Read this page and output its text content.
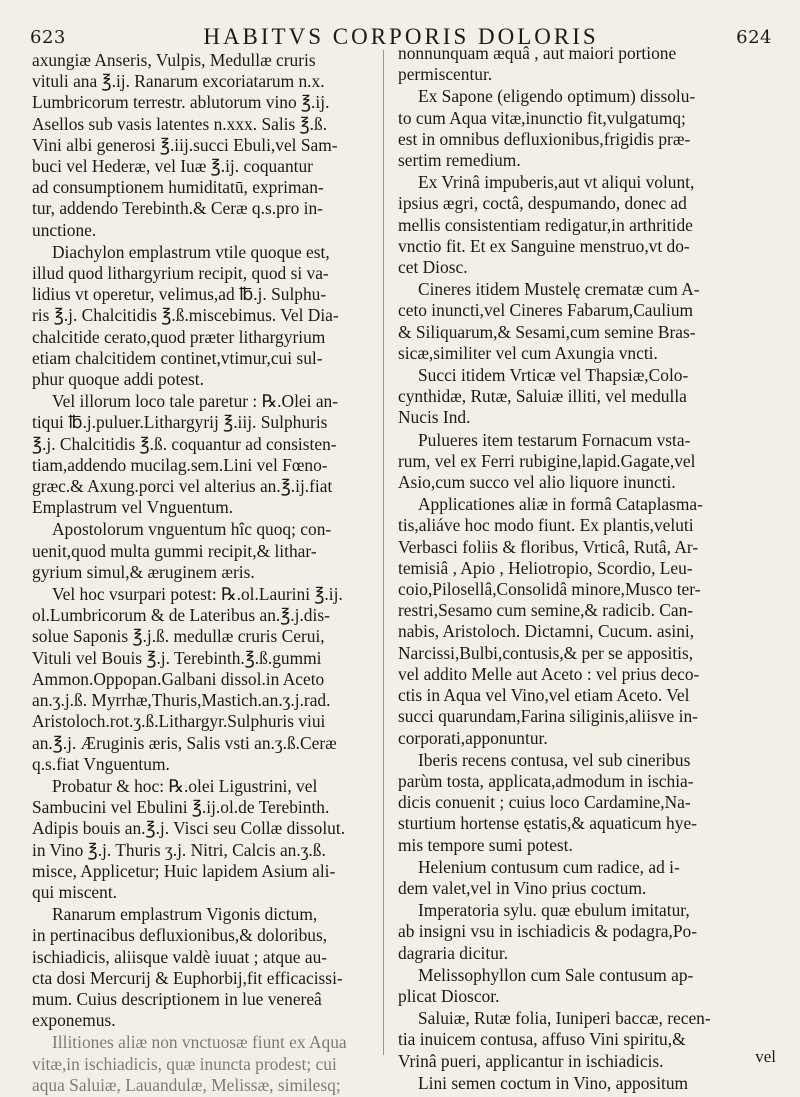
623	HABITVS CORPORIS DOLORIS	624
axungiæ Anseris, Vulpis, Medullæ cruris
vituli ana ℥.ij. Ranarum excoriatarum n.x.
Lumbricorum terrestr. ablutorum vino ℥.ij.
Asellos sub vasis latentes n.xxx. Salis ℥.ß.
Vini albi generosi ℥.iij.succi Ebuli,vel Sam-
buci vel Hederæ, vel Iuæ ℥.ij. coquantur
ad consumptionem humiditatū, expriman-
tur, addendo Terebinth.& Ceræ q.s.pro in-
unctione.
Diachylon emplastrum vtile quoque est,
illud quod lithargyrium recipit, quod si va-
lidius vt operetur, velimus,ad ℔.j. Sulphu-
ris ℥.j. Chalcitidis ℥.ß.miscebimus. Vel Dia-
chalcitide cerato,quod præter lithargyrium
etiam chalcitidem continet,vtimur,cui sul-
phur quoque addi potest.
Vel illorum loco tale paretur : ℞.Olei an-
tiqui ℔.j.puluer.Lithargyrij ℥.iij. Sulphuris
℥.j. Chalcitidis ℥.ß. coquantur ad consisten-
tiam,addendo mucilag.sem.Lini vel Fœno-
græc.& Axung.porci vel alterius an.℥.ij.fiat
Emplastrum vel Vnguentum.
Apostolorum vnguentum hîc quoq; con-
uenit,quod multa gummi recipit,& lithar-
gyrium simul,& æruginem æris.
Vel hoc vsurpari potest: ℞.ol.Laurini ℥.ij.
ol.Lumbricorum & de Lateribus an.℥.j.dis-
solue Saponis ℥.j.ß. medullæ cruris Cerui,
Vituli vel Bouis ℥.j. Terebinth.℥.ß.gummi
Ammon.Oppopan.Galbani dissol.in Aceto
an.ʒ.j.ß. Myrrhæ,Thuris,Mastich.an.ʒ.j.rad.
Aristoloch.rot.ʒ.ß.Lithargyr.Sulphuris viui
an.℥.j. Æruginis æris, Salis vsti an.ʒ.ß.Ceræ
q.s.fiat Vnguentum.
Probatur & hoc: ℞.olei Ligustrini, vel
Sambucini vel Ebulini ℥.ij.ol.de Terebinth.
Adipis bouis an.℥.j. Visci seu Collæ dissolut.
in Vino ℥.j. Thuris ʒ.j. Nitri, Calcis an.ʒ.ß.
misce, Applicetur; Huic lapidem Asium ali-
qui miscent.
Ranarum emplastrum Vigonis dictum,
in pertinacibus defluxionibus,& doloribus,
ischiadicis, aliisque valdè iuuat ; atque au-
cta dosi Mercurij & Euphorbij,fit efficacissi-
mum. Cuius descriptionem in lue venereâ
exponemus.
Illitiones aliæ non vnctuosæ fiunt ex Aqua
vitæ,in ischiadicis, quæ inuncta prodest; cui
aqua Saluiæ, Lauandulæ, Melissæ, similesq;
nonnunquam æquâ , aut maiori portione
permiscentur.
Ex Sapone (eligendo optimum) dissolu-
to cum Aqua vitæ,inunctio fit,vulgatumq;
est in omnibus defluxionibus,frigidis præ-
sertim remedium.
Ex Vrinâ impuberis,aut vt aliqui volunt,
ipsius ægri, coctâ, despumando, donec ad
mellis consistentiam redigatur,in arthritide
vnctio fit. Et ex Sanguine menstruo,vt do-
cet Diosc.
Cineres itidem Mustelę crematæ cum A-
ceto inuncti,vel Cineres Fabarum,Caulium
& Siliquarum,& Sesami,cum semine Bras-
sicæ,similiter vel cum Axungia vncti.
Succi itidem Vrticæ vel Thapsiæ,Colo-
cynthidæ, Rutæ, Saluiæ illiti, vel medulla
Nucis Ind.
Pulueres item testarum Fornacum vsta-
rum, vel ex Ferri rubigine,lapid.Gagate,vel
Asio,cum succo vel alio liquore inuncti.
Applicationes aliæ in formâ Cataplasma-
tis,aliáve hoc modo fiunt. Ex plantis,veluti
Verbasci foliis & floribus, Vrticâ, Rutâ, Ar-
temisiâ , Apio , Heliotropio, Scordio, Leu-
coio,Pilosellâ,Consolidâ minore,Musco ter-
restri,Sesamo cum semine,& radicib. Can-
nabis, Aristoloch. Dictamni, Cucum. asini,
Narcissi,Bulbi,contusis,& per se appositis,
vel addito Melle aut Aceto : vel prius deco-
ctis in Aqua vel Vino,vel etiam Aceto. Vel
succi quarundam,Farina siliginis,aliisve in-
corporati,apponuntur.
Iberis recens contusa, vel sub cineribus
parùm tosta, applicata,admodum in ischia-
dicis conuenit ; cuius loco Cardamine,Na-
sturtium hortense ęstatis,& aquaticum hye-
mis tempore sumi potest.
Helenium contusum cum radice, ad i-
dem valet,vel in Vino prius coctum.
Imperatoria sylu. quæ ebulum imitatur,
ab insigni vsu in ischiadicis & podagra,Po-
dagraria dicitur.
Melissophyllon cum Sale contusum ap-
plicat Dioscor.
Saluiæ, Rutæ folia, Iuniperi baccæ, recen-
tia inuicem contusa, affuso Vini spiritu,&
Vrinâ pueri, applicantur in ischiadicis.
Lini semen coctum in Vino, appositum
vel
